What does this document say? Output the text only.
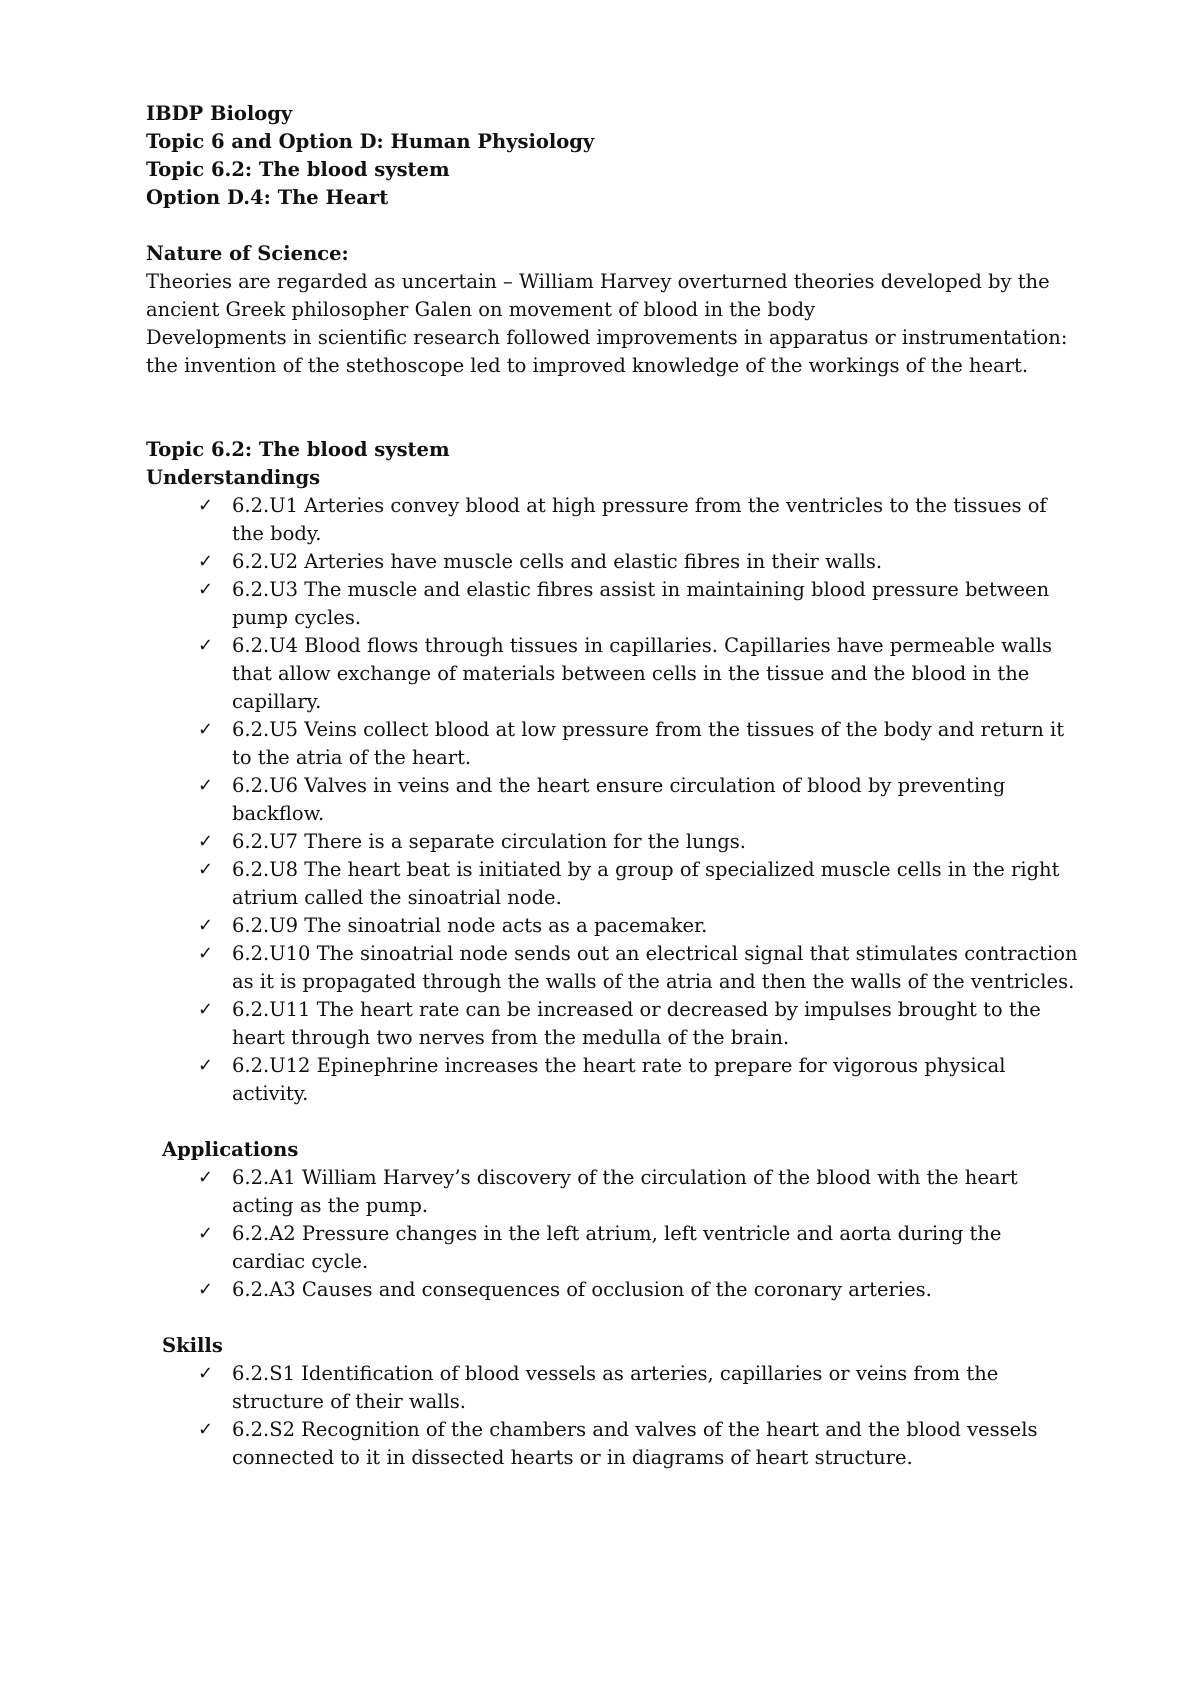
IBDP Biology

Topic 6 and Option D: Human Physiology

Topic 6.2: The blood system

Option D.4: The Heart

Nature of Science:

Theories are regarded as uncertain – William Harvey overturned theories developed by the ancient Greek philosopher Galen on movement of blood in the body

Developments in scientific research followed improvements in apparatus or instrumentation: the invention of the stethoscope led to improved knowledge of the workings of the heart.

Topic 6.2: The blood system

Understandings

✓ 6.2.U1 Arteries convey blood at high pressure from the ventricles to the tissues of the body.
✓ 6.2.U2 Arteries have muscle cells and elastic fibres in their walls.
✓ 6.2.U3 The muscle and elastic fibres assist in maintaining blood pressure between pump cycles.
✓ 6.2.U4 Blood flows through tissues in capillaries. Capillaries have permeable walls that allow exchange of materials between cells in the tissue and the blood in the capillary.
✓ 6.2.U5 Veins collect blood at low pressure from the tissues of the body and return it to the atria of the heart.
✓ 6.2.U6 Valves in veins and the heart ensure circulation of blood by preventing backflow.
✓ 6.2.U7 There is a separate circulation for the lungs.
✓ 6.2.U8 The heart beat is initiated by a group of specialized muscle cells in the right atrium called the sinoatrial node.
✓ 6.2.U9 The sinoatrial node acts as a pacemaker.
✓ 6.2.U10 The sinoatrial node sends out an electrical signal that stimulates contraction as it is propagated through the walls of the atria and then the walls of the ventricles.
✓ 6.2.U11 The heart rate can be increased or decreased by impulses brought to the heart through two nerves from the medulla of the brain.
✓ 6.2.U12 Epinephrine increases the heart rate to prepare for vigorous physical activity.

Applications

✓ 6.2.A1 William Harvey’s discovery of the circulation of the blood with the heart acting as the pump.
✓ 6.2.A2 Pressure changes in the left atrium, left ventricle and aorta during the cardiac cycle.
✓ 6.2.A3 Causes and consequences of occlusion of the coronary arteries.

Skills

✓ 6.2.S1 Identification of blood vessels as arteries, capillaries or veins from the structure of their walls.
✓ 6.2.S2 Recognition of the chambers and valves of the heart and the blood vessels connected to it in dissected hearts or in diagrams of heart structure.
